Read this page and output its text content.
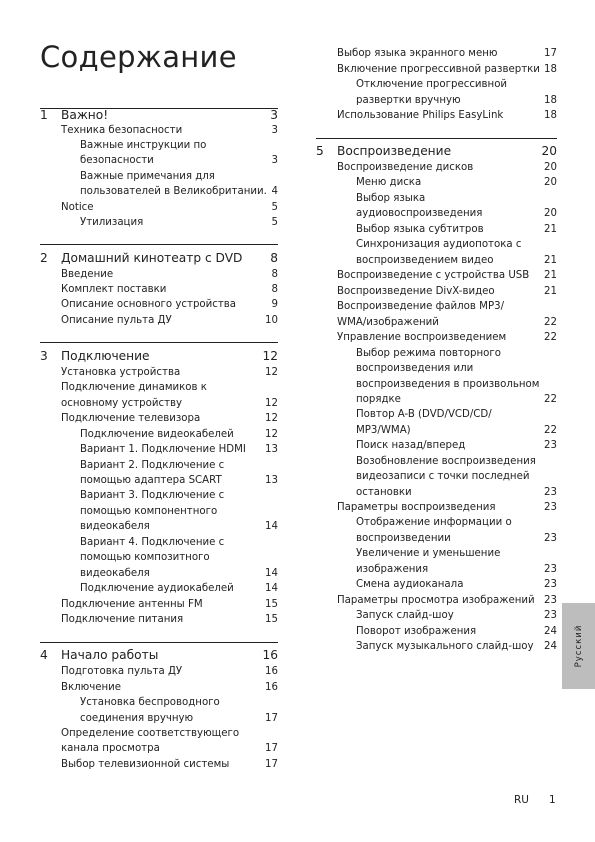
Содержание
1 Важно!	3
Техника безопасности	3
Важные инструкции по
безопасности	3
Важные примечания для
пользователей в Великобритании. 4
Notice	5
Утилизация	5
2 Домашний кинотеатр с DVD 8
Введение	8
Комплект поставки	8
Описание основного устройства	9
Описание пульта ДУ	10
3 Подключение	12
Установка устройства	12
Подключение динамиков к
основному устройству	12
Подключение телевизора	12
Подключение видеокабелей	12
Вариант 1. Подключение HDMI 13
Вариант 2. Подключение с
помощью адаптера SCART	13
Вариант 3. Подключение с
помощью компонентного
видеокабеля	14
Вариант 4. Подключение с
помощью композитного
видеокабеля	14
Подключение аудиокабелей	14
Подключение антенны FM	15
Подключение питания	15
4 Начало работы	16
Подготовка пульта ДУ	16
Включение	16
Установка беспроводного
соединения вручную	17
Определение соответствующего
канала просмотра	17
Выбор телевизионной системы	17
Выбор языка экранного меню	17
Включение прогрессивной развертки 18
Отключение прогрессивной
развертки вручную	18
Использование Philips EasyLink	18
5 Воспроизведение	20
Воспроизведение дисков	20
Меню диска	20
Выбор языка
аудиовоспроизведения	20
Выбор языка субтитров	21
Синхронизация аудиопотока с
воспроизведением видео	21
Воспроизведение с устройства USB 21
Воспроизведение DivX-видео	21
Воспроизведение файлов MP3/
WMA/изображений	22
Управление воспроизведением	22
Выбор режима повторного
воспроизведения или
воспроизведения в произвольном
порядке	22
Повтор A-B (DVD/VCD/CD/
MP3/WMA)	22
Поиск назад/вперед	23
Возобновление воспроизведения
видеозаписи с точки последней
остановки	23
Параметры воспроизведения	23
Отображение информации о
воспроизведении	23
Увеличение и уменьшение
изображения	23
Смена аудиоканала	23
Параметры просмотра изображений 23
Запуск слайд-шоу	23
Поворот изображения	24
Запуск музыкального слайд-шоу 24 Русский
RU 1
